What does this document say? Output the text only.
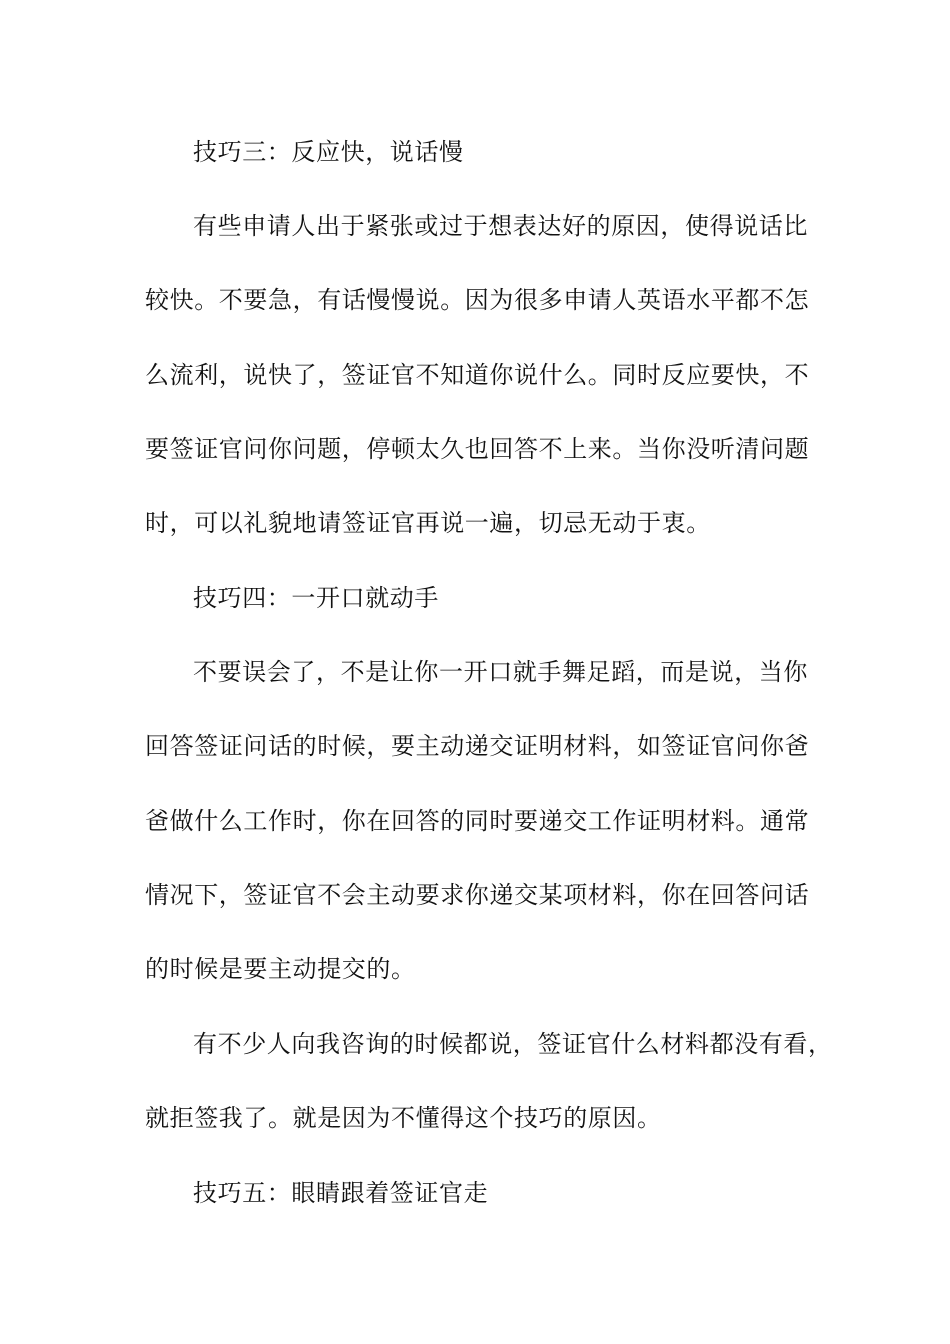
技巧三：反应快，说话慢
有些申请人出于紧张或过于想表达好的原因，使得说话比
较快。不要急，有话慢慢说。因为很多申请人英语水平都不怎
么流利，说快了，签证官不知道你说什么。同时反应要快，不
要签证官问你问题，停顿太久也回答不上来。当你没听清问题
时，可以礼貌地请签证官再说一遍，切忌无动于衷。
技巧四：一开口就动手
不要误会了，不是让你一开口就手舞足蹈，而是说，当你
回答签证问话的时候，要主动递交证明材料，如签证官问你爸
爸做什么工作时，你在回答的同时要递交工作证明材料。通常
情况下，签证官不会主动要求你递交某项材料，你在回答问话
的时候是要主动提交的。
有不少人向我咨询的时候都说，签证官什么材料都没有看，
就拒签我了。就是因为不懂得这个技巧的原因。
技巧五：眼睛跟着签证官走
